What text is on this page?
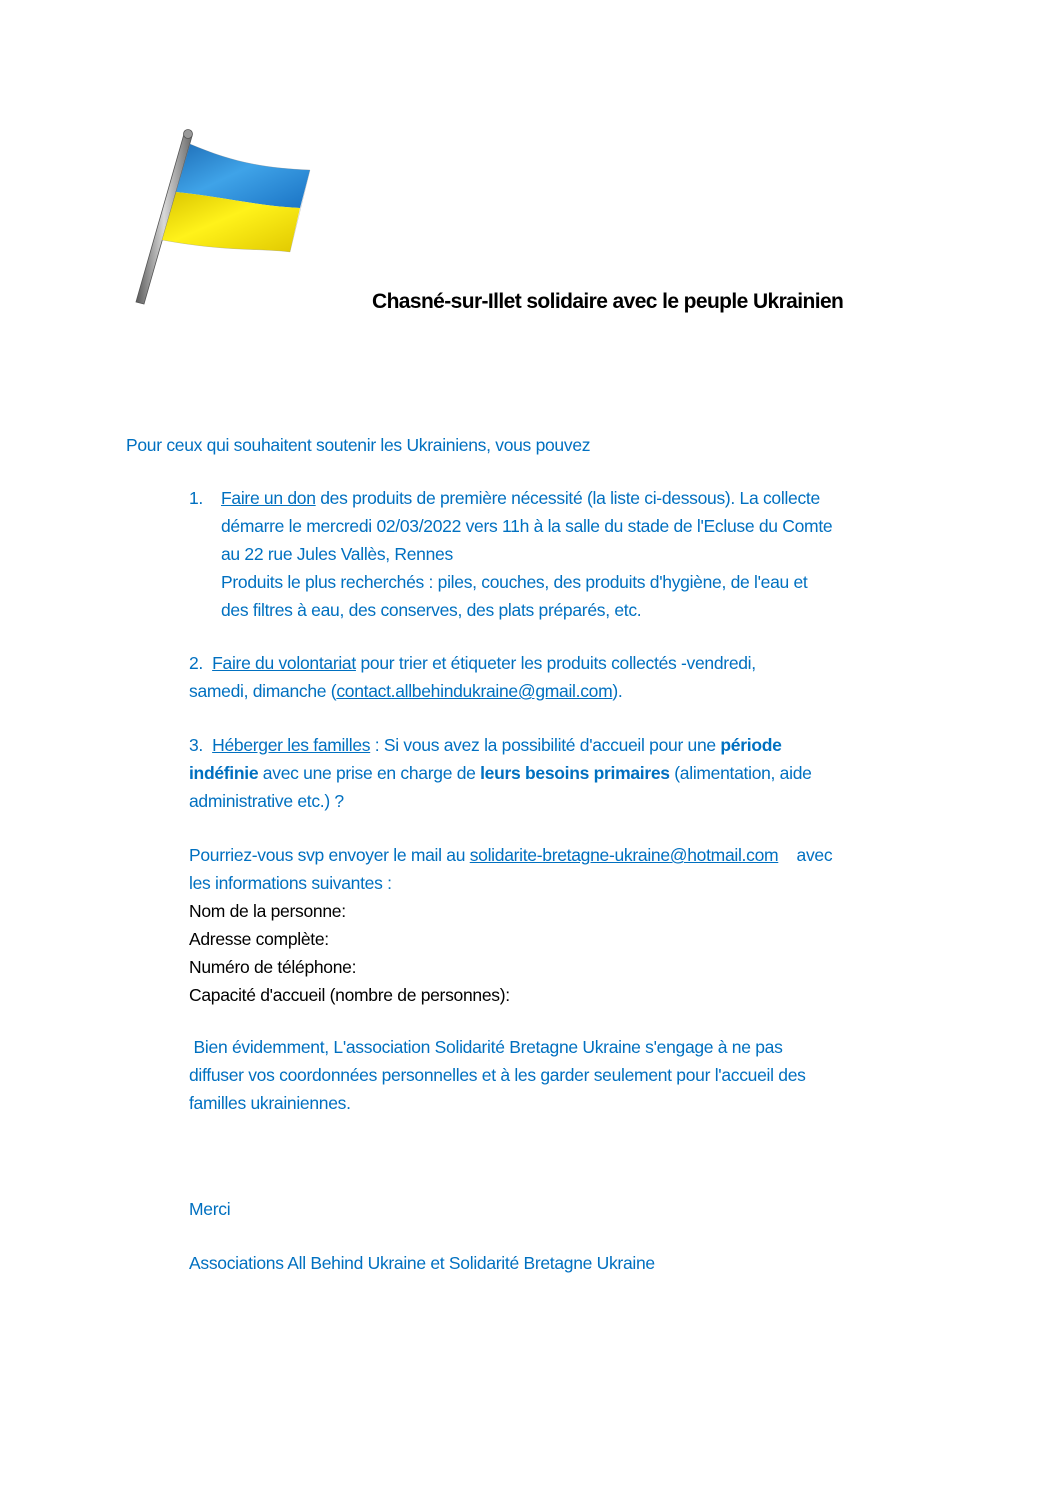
Chasné-sur-Illet solidaire avec le peuple Ukrainien
Pour ceux qui souhaitent soutenir les Ukrainiens, vous pouvez
1. Faire un don des produits de première nécessité (la liste ci-dessous). La collecte
démarre le mercredi 02/03/2022 vers 11h à la salle du stade de l'Ecluse du Comte
au 22 rue Jules Vallès, Rennes
Produits le plus recherchés : piles, couches, des produits d'hygiène, de l'eau et
des filtres à eau, des conserves, des plats préparés, etc.
2. Faire du volontariat pour trier et étiqueter les produits collectés -vendredi,
samedi, dimanche (contact.allbehindukraine@gmail.com).
3. Héberger les familles : Si vous avez la possibilité d'accueil pour une période
indéfinie avec une prise en charge de leurs besoins primaires (alimentation, aide
administrative etc.) ?
Pourriez-vous svp envoyer le mail au solidarite-bretagne-ukraine@hotmail.com    avec
les informations suivantes :
Nom de la personne:
Adresse complète:
Numéro de téléphone:
Capacité d'accueil (nombre de personnes):
Bien évidemment, L'association Solidarité Bretagne Ukraine s'engage à ne pas
diffuser vos coordonnées personnelles et à les garder seulement pour l'accueil des
familles ukrainiennes.
Merci
Associations All Behind Ukraine et Solidarité Bretagne Ukraine
